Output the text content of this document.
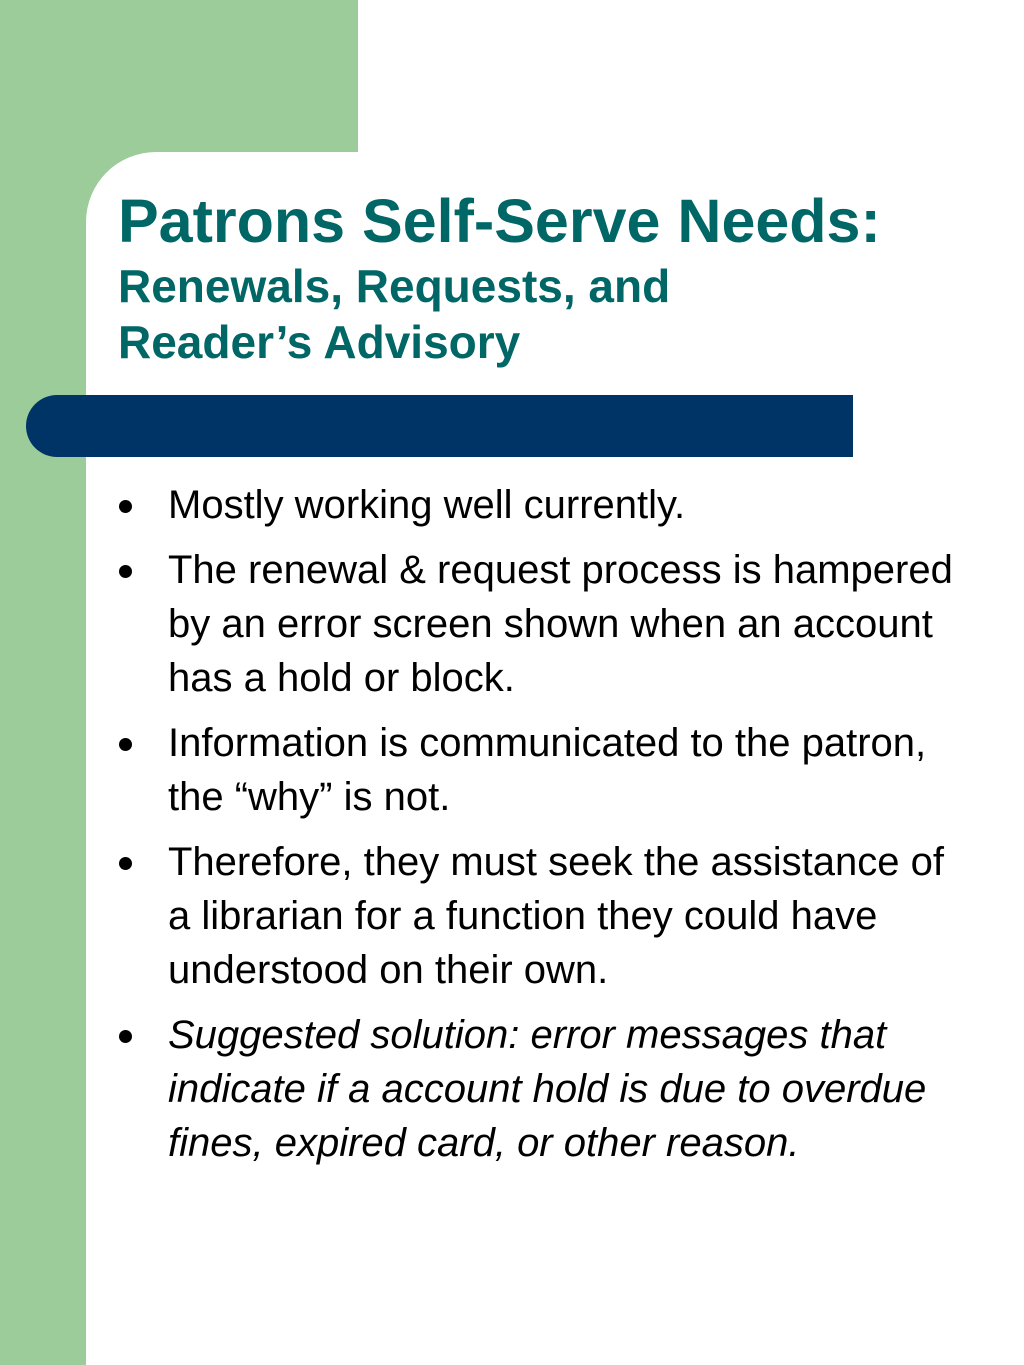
Patrons Self-Serve Needs:
Renewals, Requests, and Reader’s Advisory
Mostly working well currently.
The renewal & request process is hampered by an error screen shown when an account has a hold or block.
Information is communicated to the patron, the “why” is not.
Therefore, they must seek the assistance of a librarian for a function they could have understood on their own.
Suggested solution: error messages that indicate if a account hold is due to overdue fines, expired card, or other reason.
